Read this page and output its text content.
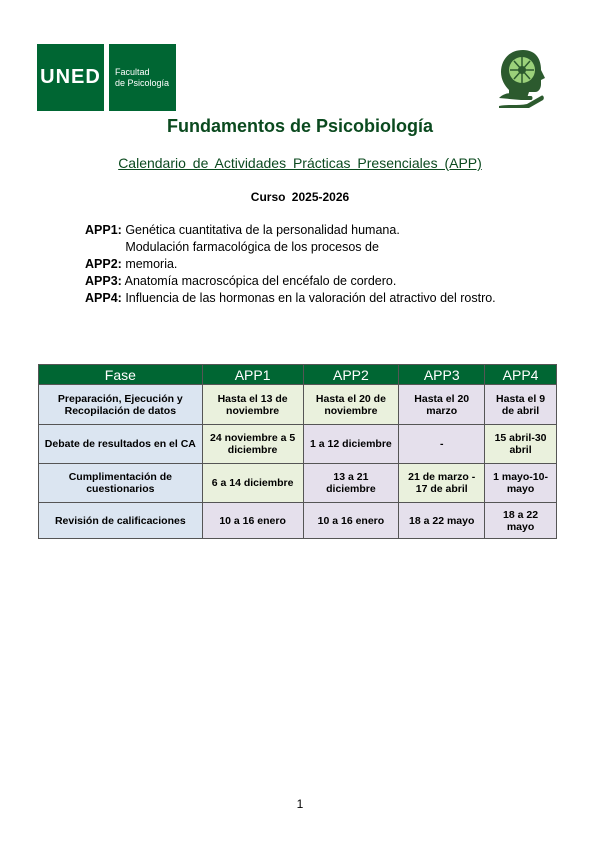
UNED	Facultad
de Psicología
Fundamentos de Psicobiología
Calendario de Actividades Prácticas Presenciales (APP)
Curso 2025-2026

APP1: Genética cuantitativa de la personalidad humana.

APP2: Modulación farmacológica de los procesos de memoria.

APP3: Anatomía macroscópica del encéfalo de cordero.

APP4: Influencia de las hormonas en la valoración del atractivo del rostro.

Fase	APP1	APP2	APP3	APP4
Preparación, Ejecución y Recopilación de datos	Hasta el 13 de noviembre	Hasta el 20 de noviembre	Hasta el 20 marzo	Hasta el 9 de abril
Debate de resultados en el CA	24 noviembre a 5 diciembre	1 a 12 diciembre	-	15 abril-30 abril
Cumplimentación de cuestionarios	6 a 14 diciembre	13 a 21 diciembre	21 de marzo - 17 de abril	1 mayo-10-mayo
Revisión de calificaciones	10 a 16 enero	10 a 16 enero	18 a 22 mayo	18 a 22 mayo
1
